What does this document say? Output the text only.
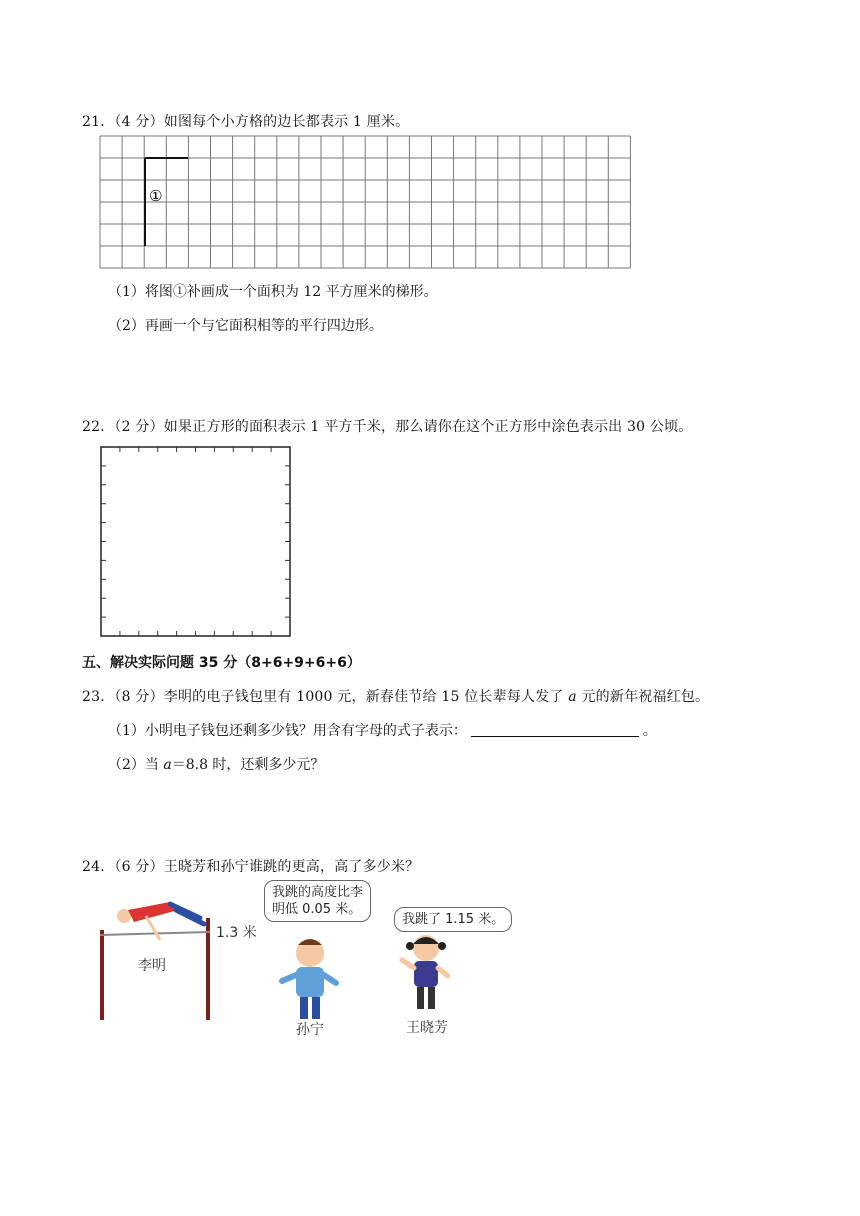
21．（4 分）如图每个小方格的边长都表示 1 厘米。
①
（1）将图①补画成一个面积为 12 平方厘米的梯形。
（2）再画一个与它面积相等的平行四边形。
22．（2 分）如果正方形的面积表示 1 平方千米，那么请你在这个正方形中涂色表示出 30 公顷。
五、解决实际问题 35 分（8+6+9+6+6）
23．（8 分）李明的电子钱包里有 1000 元，新春佳节给 15 位长辈每人发了 a 元的新年祝福红包。
（1）小明电子钱包还剩多少钱？用含有字母的式子表示：	。
（2）当 a＝8.8 时，还剩多少元？
24．（6 分）王晓芳和孙宁谁跳的更高，高了多少米？
1.3 米
李明
孙宁	王晓芳
我跳的高度比李
明低 0.05 米。
我跳了 1.15 米。
